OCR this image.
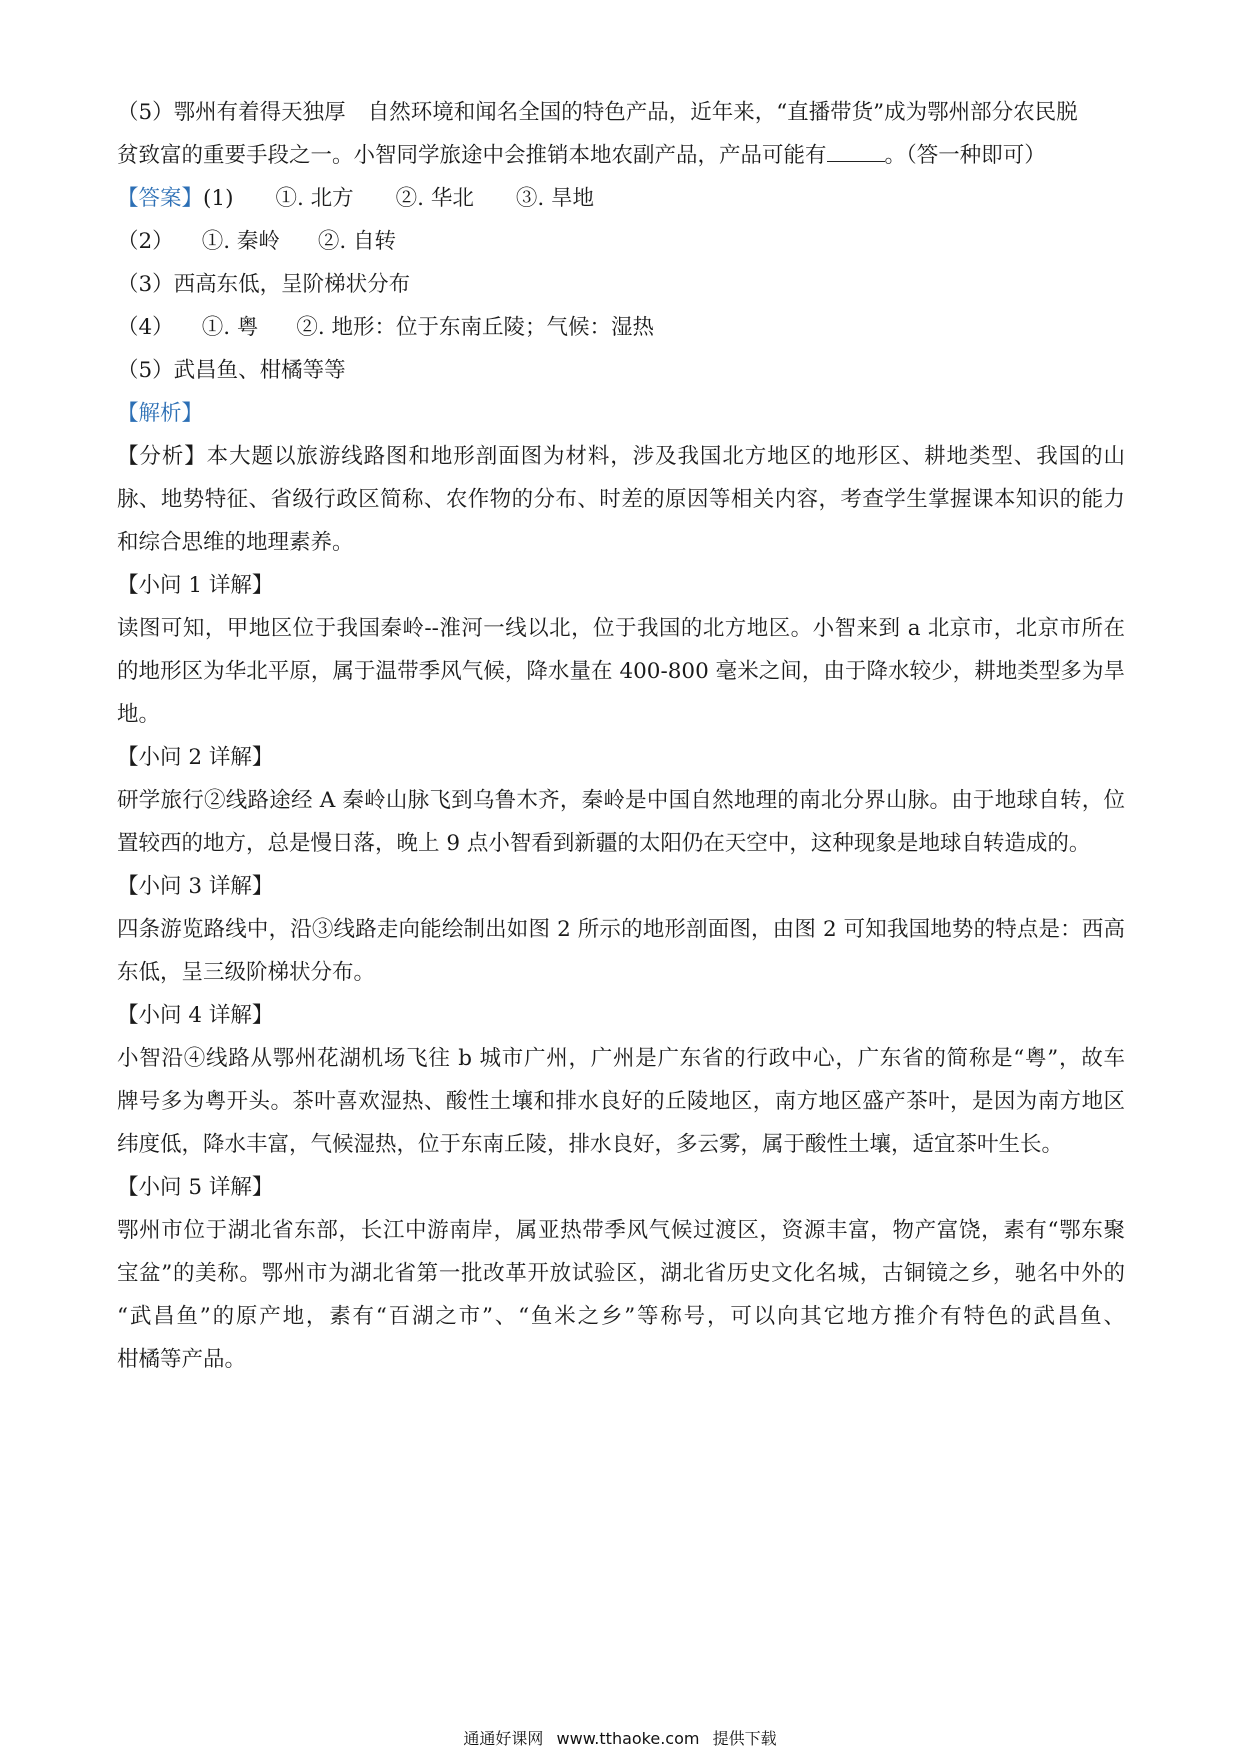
（5）鄂州有着得天独厚 自然环境和闻名全国的特色产品，近年来，“直播带货”成为鄂州部分农民脱
贫致富的重要手段之一。小智同学旅途中会推销本地农副产品，产品可能有	。（答一种即可）
【答案】(1) ①. 北方 ②. 华北 ③. 旱地
（2） ①. 秦岭 ②. 自转
（3）西高东低，呈阶梯状分布
（4） ①. 粤 ②. 地形：位于东南丘陵；气候：湿热
（5）武昌鱼、柑橘等等
【解析】
【分析】本大题以旅游线路图和地形剖面图为材料，涉及我国北方地区的地形区、耕地类型、我国的山
脉、地势特征、省级行政区简称、农作物的分布、时差的原因等相关内容，考查学生掌握课本知识的能力
和综合思维的地理素养。
【小问 1 详解】
读图可知，甲地区位于我国秦岭--淮河一线以北，位于我国的北方地区。小智来到 a 北京市，北京市所在
的地形区为华北平原，属于温带季风气候，降水量在 400-800 毫米之间，由于降水较少，耕地类型多为旱
地。
【小问 2 详解】
研学旅行②线路途经 A 秦岭山脉飞到乌鲁木齐，秦岭是中国自然地理的南北分界山脉。由于地球自转，位
置较西的地方，总是慢日落，晚上 9 点小智看到新疆的太阳仍在天空中，这种现象是地球自转造成的。
【小问 3 详解】
四条游览路线中，沿③线路走向能绘制出如图 2 所示的地形剖面图，由图 2 可知我国地势的特点是：西高
东低，呈三级阶梯状分布。
【小问 4 详解】
小智沿④线路从鄂州花湖机场飞往 b 城市广州，广州是广东省的行政中心，广东省的简称是“粤”，故车
牌号多为粤开头。茶叶喜欢湿热、酸性土壤和排水良好的丘陵地区，南方地区盛产茶叶，是因为南方地区
纬度低，降水丰富，气候湿热，位于东南丘陵，排水良好，多云雾，属于酸性土壤，适宜茶叶生长。
【小问 5 详解】
鄂州市位于湖北省东部，长江中游南岸，属亚热带季风气候过渡区，资源丰富，物产富饶，素有“鄂东聚
宝盆”的美称。鄂州市为湖北省第一批改革开放试验区，湖北省历史文化名城，古铜镜之乡，驰名中外的
“武昌鱼”的原产地，素有“百湖之市”、“鱼米之乡”等称号，可以向其它地方推介有特色的武昌鱼、
柑橘等产品。
通通好课网 www.tthaoke.com 提供下载
